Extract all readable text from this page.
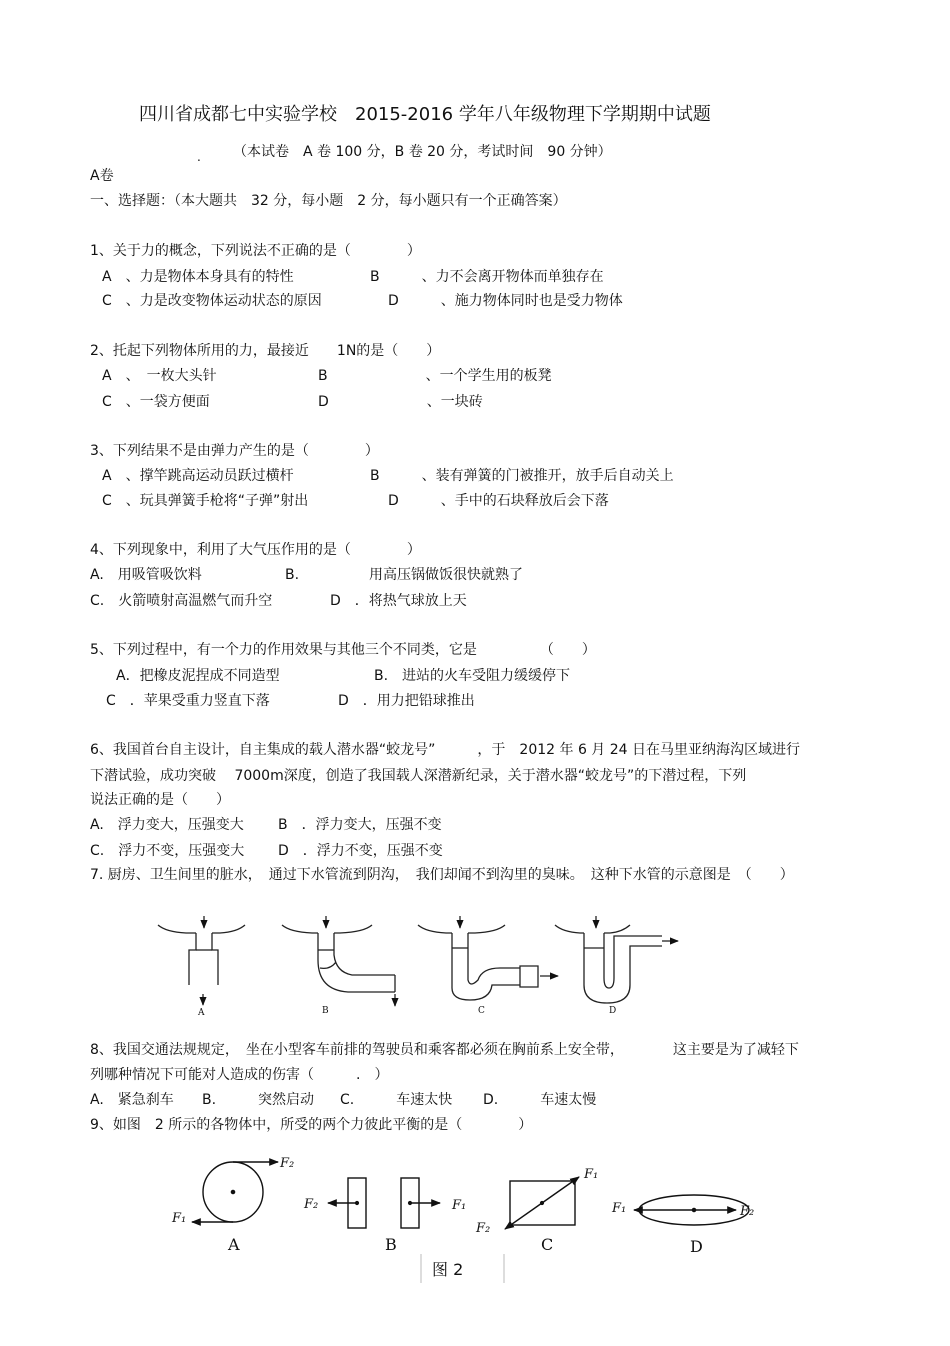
四川省成都七中实验学校　2015-2016 学年八年级物理下学期期中试题
. （本试卷　A 卷 100 分，B 卷 20 分，考试时间　90 分钟）
A卷
一、选择题：（本大题共　32 分，每小题　2 分，每小题只有一个正确答案）
1、关于力的概念，下列说法不正确的是（　　　　）
A　、力是物体本身具有的特性	B　　　、力不会离开物体而单独存在
C　、力是改变物体运动状态的原因	D　　　、施力物体同时也是受力物体
2、托起下列物体所用的力，最接近　　1N的是（　　）
A　、　一枚大头针	B　　　　　　　、一个学生用的板凳
C　、一袋方便面	D　　　　　　　、一块砖
3、下列结果不是由弹力产生的是（　　　　）
A　、撑竿跳高运动员跃过横杆	B　　　、装有弹簧的门被推开，放手后自动关上
C　、玩具弹簧手枪将“子弹”射出	D　　　、手中的石块释放后会下落
4、下列现象中，利用了大气压作用的是（　　　　）
A.　用吸管吸饮料	B.　　　　　用高压锅做饭很快就熟了
C.　火箭喷射高温燃气而升空	D　．将热气球放上天
5、下列过程中，有一个力的作用效果与其他三个不同类，它是　　　　　（　　）
A．把橡皮泥捏成不同造型	B.　进站的火车受阻力缓缓停下
C　．苹果受重力竖直下落	D　．用力把铅球推出
6、我国首台自主设计，自主集成的载人潜水器“蛟龙号”　　　，于　2012 年 6 月 24 日在马里亚纳海沟区域进行
下潜试验，成功突破　 7000m深度，创造了我国载人深潜新纪录，关于潜水器“蛟龙号”的下潜过程，下列
说法正确的是（　　）
A.　浮力变大，压强变大 B　．浮力变大，压强不变
C.　浮力不变，压强变大 D　．浮力不变，压强不变
7. 厨房、卫生间里的脏水，　通过下水管流到阴沟，　我们却闻不到沟里的臭味。　这种下水管的示意图是　（　　）
8、我国交通法规规定，　坐在小型客车前排的驾驶员和乘客都必须在胸前系上安全带，　　　　这主要是为了减轻下
列哪种情况下可能对人造成的伤害（　　　.　）
A.　紧急刹车 B.　　　突然启动 C.　　　车速太快 D.　　　车速太慢
9、如图　2 所示的各物体中，所受的两个力彼此平衡的是（　　　　）
A	B	C	D
F₂
F₁
F₂	F₁
F₁
F₂
F₁	F₂
A	B	C	D
图 2
